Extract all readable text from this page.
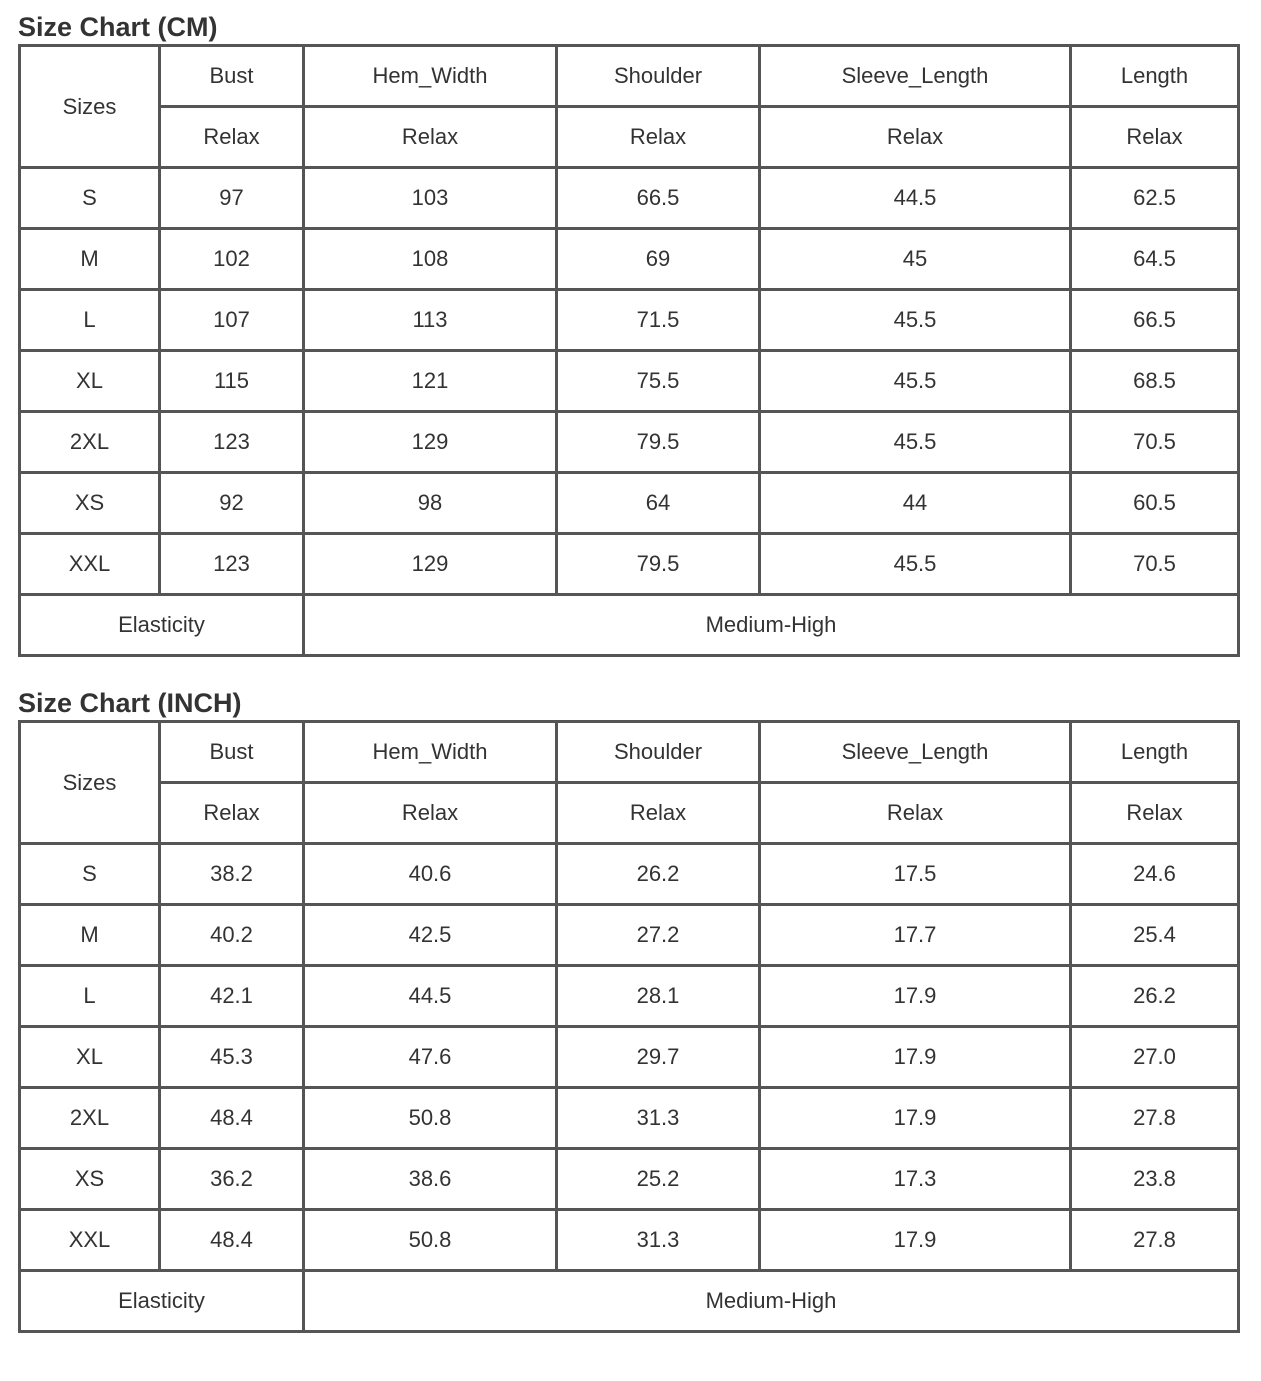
Size Chart (CM)
Sizes	Bust	Hem_Width	Shoulder	Sleeve_Length	Length
	Relax	Relax	Relax	Relax	Relax
S	97	103	66.5	44.5	62.5
M	102	108	69	45	64.5
L	107	113	71.5	45.5	66.5
XL	115	121	75.5	45.5	68.5
2XL	123	129	79.5	45.5	70.5
XS	92	98	64	44	60.5
XXL	123	129	79.5	45.5	70.5
Elasticity		Medium-High			
Size Chart (INCH)
Sizes	Bust	Hem_Width	Shoulder	Sleeve_Length	Length
	Relax	Relax	Relax	Relax	Relax
S	38.2	40.6	26.2	17.5	24.6
M	40.2	42.5	27.2	17.7	25.4
L	42.1	44.5	28.1	17.9	26.2
XL	45.3	47.6	29.7	17.9	27.0
2XL	48.4	50.8	31.3	17.9	27.8
XS	36.2	38.6	25.2	17.3	23.8
XXL	48.4	50.8	31.3	17.9	27.8
Elasticity		Medium-High			
